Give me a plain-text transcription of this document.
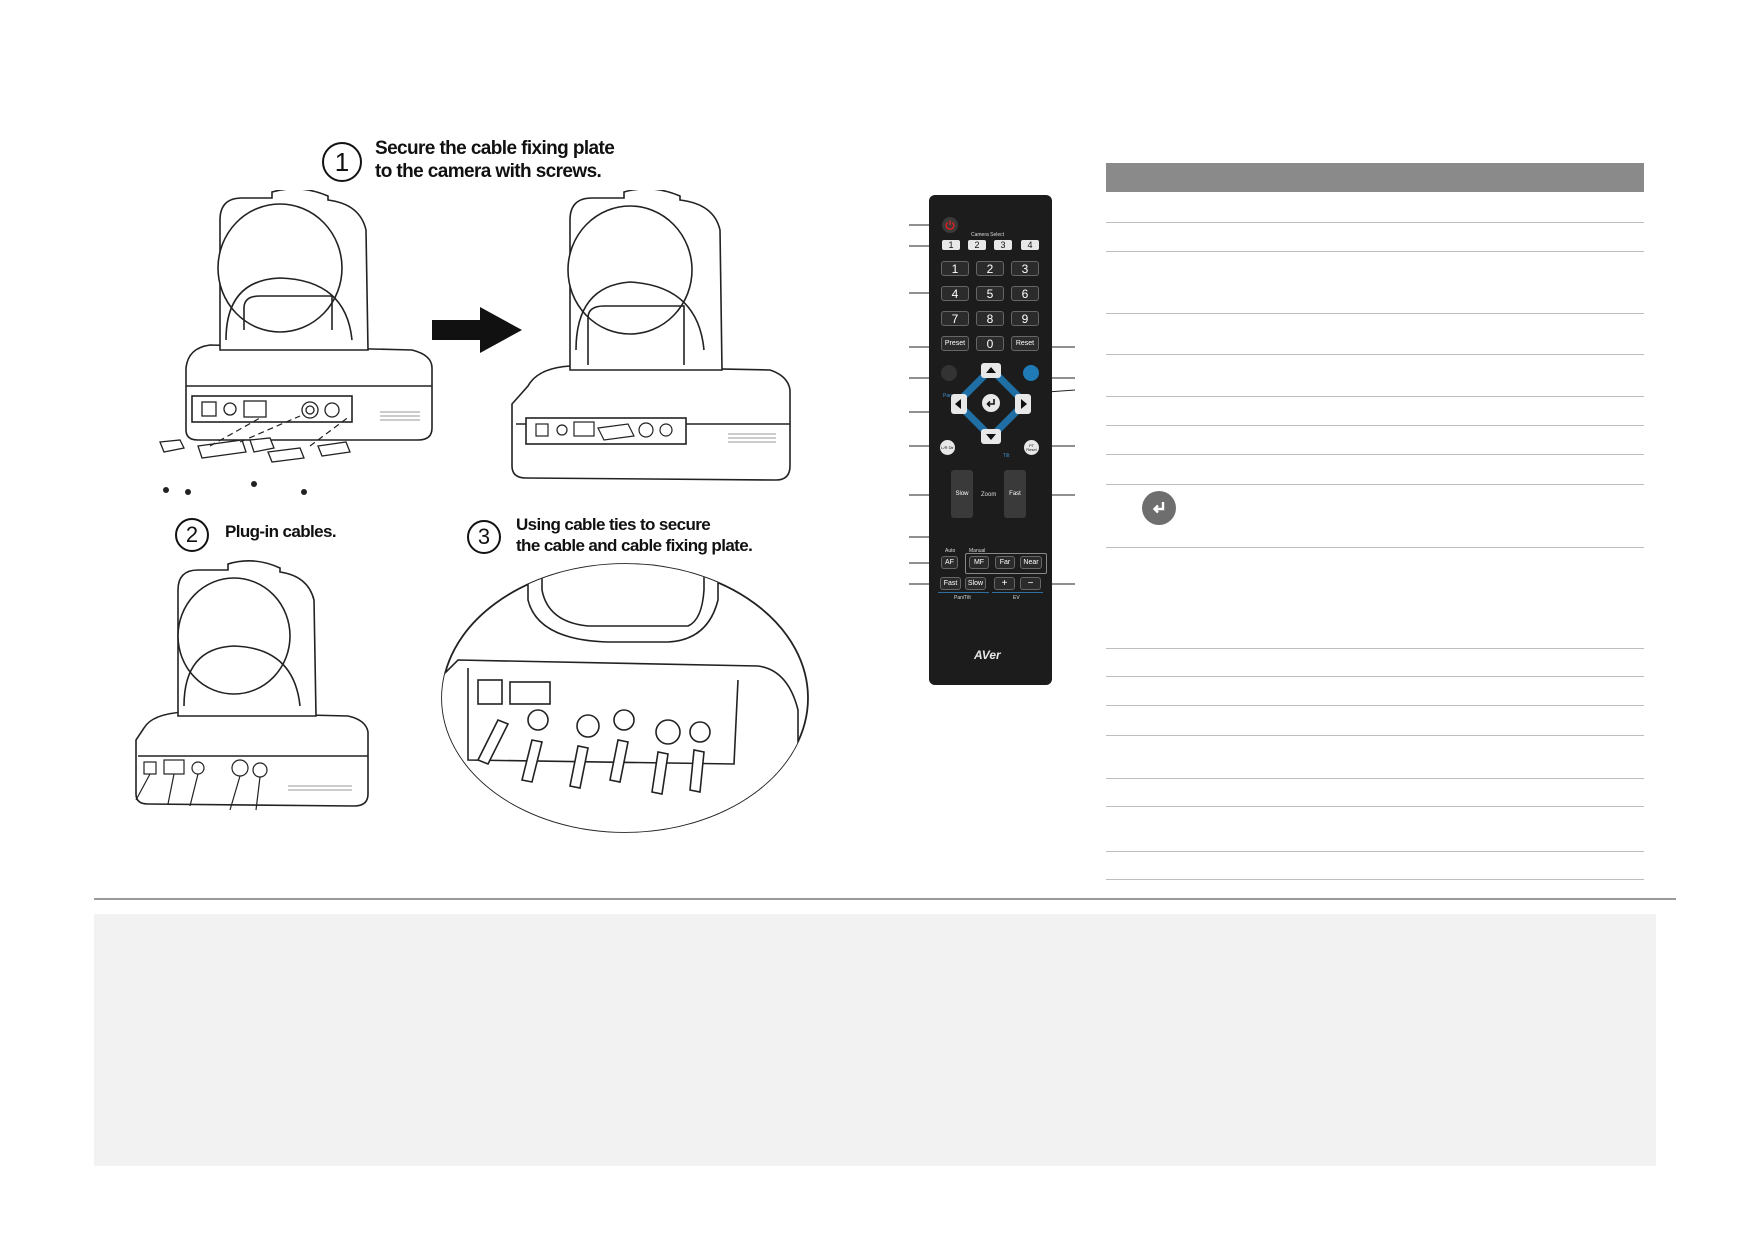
1 Secure the cable fixing plate
to the camera with screws.
2 Plug-in cables.	3 Using cable ties to secure
the cable and cable fixing plate.
Camera Select
1	2	3	4
1	2	3
4	5	6
7	8	9
Preset	0	Reset
Pan
Tilt
L/R Dir	PT Reset
Slow Zoom Fast
Auto	Manual
AF	MF	Far	Near
Fast	Slow	+	−
Pan/Tilt	EV
AVer
